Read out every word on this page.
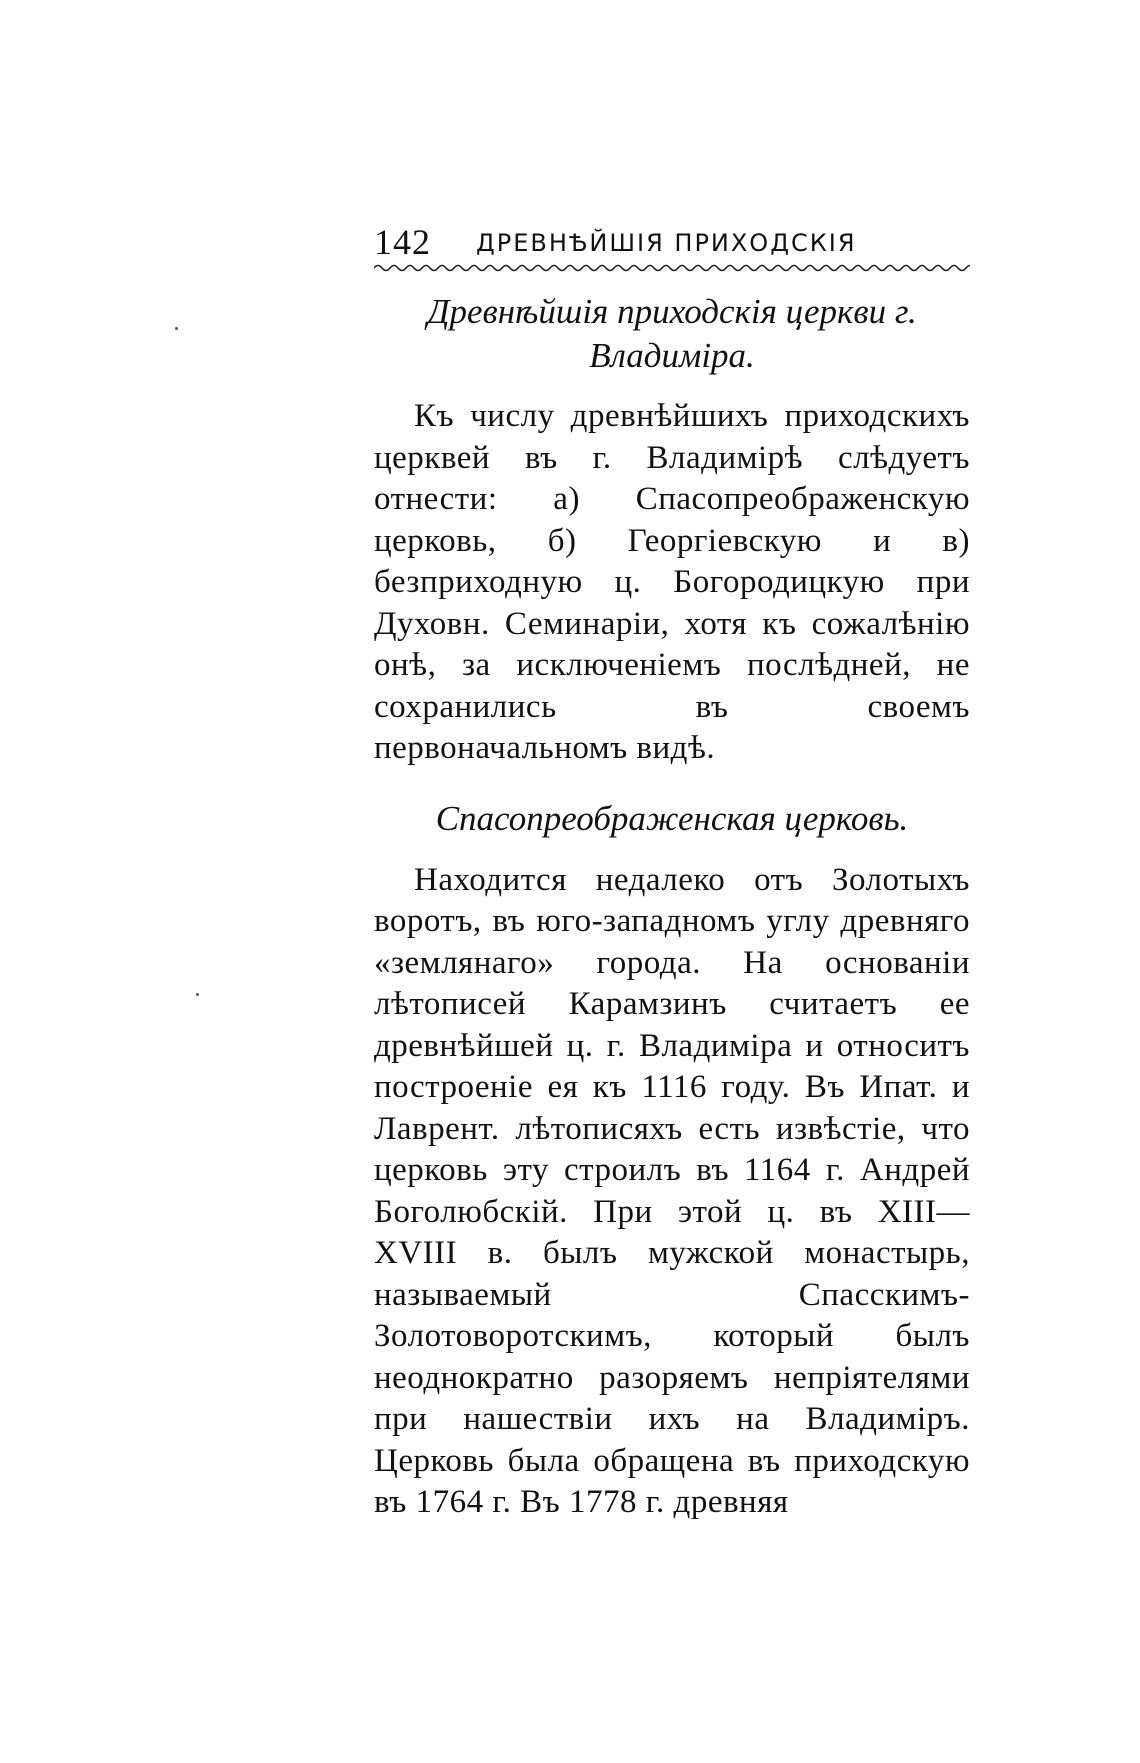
142 ДРЕВНѢЙШІЯ ПРИХОДСКІЯ

Древнѣйшія приходскія церкви г. Владиміра.

Къ числу древнѣйшихъ приходскихъ церквей въ г. Владимірѣ слѣдуетъ отнести: а) Спасопреображенскую церковь, б) Георгіевскую и в) безприходную ц. Богородицкую при Духовн. Семинаріи, хотя къ сожалѣнію онѣ, за исключеніемъ послѣдней, не сохранились въ своемъ первоначальномъ видѣ.

Спасопреображенская церковь.

Находится недалеко отъ Золотыхъ воротъ, въ юго-западномъ углу древняго «землянаго» города. На основаніи лѣтописей Карамзинъ считаетъ ее древнѣйшей ц. г. Владиміра и относитъ построеніе ея къ 1116 году. Въ Ипат. и Лаврент. лѣтописяхъ есть извѣстіе, что церковь эту строилъ въ 1164 г. Андрей Боголюбскій. При этой ц. въ XIII—XVIII в. былъ мужской монастырь, называемый Спасскимъ-Золотоворотскимъ, который былъ неоднократно разоряемъ непріятелями при нашествіи ихъ на Владиміръ. Церковь была обращена въ приходскую въ 1764 г. Въ 1778 г. древняя
